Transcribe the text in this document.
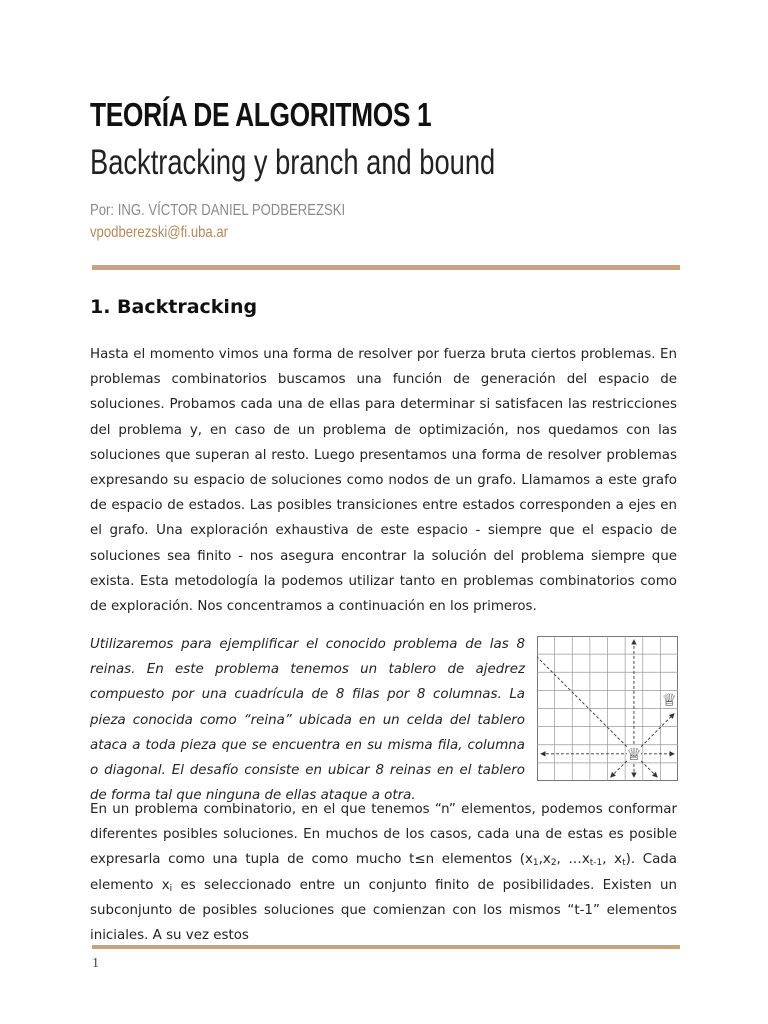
TEORÍA DE ALGORITMOS 1
Backtracking y branch and bound
Por: ING. VÍCTOR DANIEL PODBEREZSKI
vpodberezski@fi.uba.ar
1. Backtracking

Hasta el momento vimos una forma de resolver por fuerza bruta ciertos problemas. En problemas combinatorios buscamos una función de generación del espacio de soluciones. Probamos cada una de ellas para determinar si satisfacen las restricciones del problema y, en caso de un problema de optimización, nos quedamos con las soluciones que superan al resto. Luego presentamos una forma de resolver problemas expresando su espacio de soluciones como nodos de un grafo. Llamamos a este grafo de espacio de estados. Las posibles transiciones entre estados corresponden a ejes en el grafo. Una exploración exhaustiva de este espacio - siempre que el espacio de soluciones sea finito - nos asegura encontrar la solución del problema siempre que exista. Esta metodología la podemos utilizar tanto en problemas combinatorios como de exploración. Nos concentramos a continuación en los primeros.

Utilizaremos para ejemplificar el conocido problema de las 8 reinas. En este problema tenemos un tablero de ajedrez compuesto por una cuadrícula de 8 filas por 8 columnas. La pieza conocida como “reina” ubicada en un celda del tablero ataca a toda pieza que se encuentra en su misma fila, columna o diagonal. El desafío consiste en ubicar 8 reinas en el tablero de forma tal que ninguna de ellas ataque a otra.

♕
♕

En un problema combinatorio, en el que tenemos “n” elementos, podemos conformar diferentes posibles soluciones. En muchos de los casos, cada una de estas es posible expresarla como una tupla de como mucho t≤n elementos ($x_1,x_2$, $\dots x_{t-1}$, $x_t$). Cada elemento $x_i$ es seleccionado entre un conjunto finito de posibilidades. Existen un subconjunto de posibles soluciones que comienzan con los mismos “t-1” elementos iniciales. A su vez estos

1
